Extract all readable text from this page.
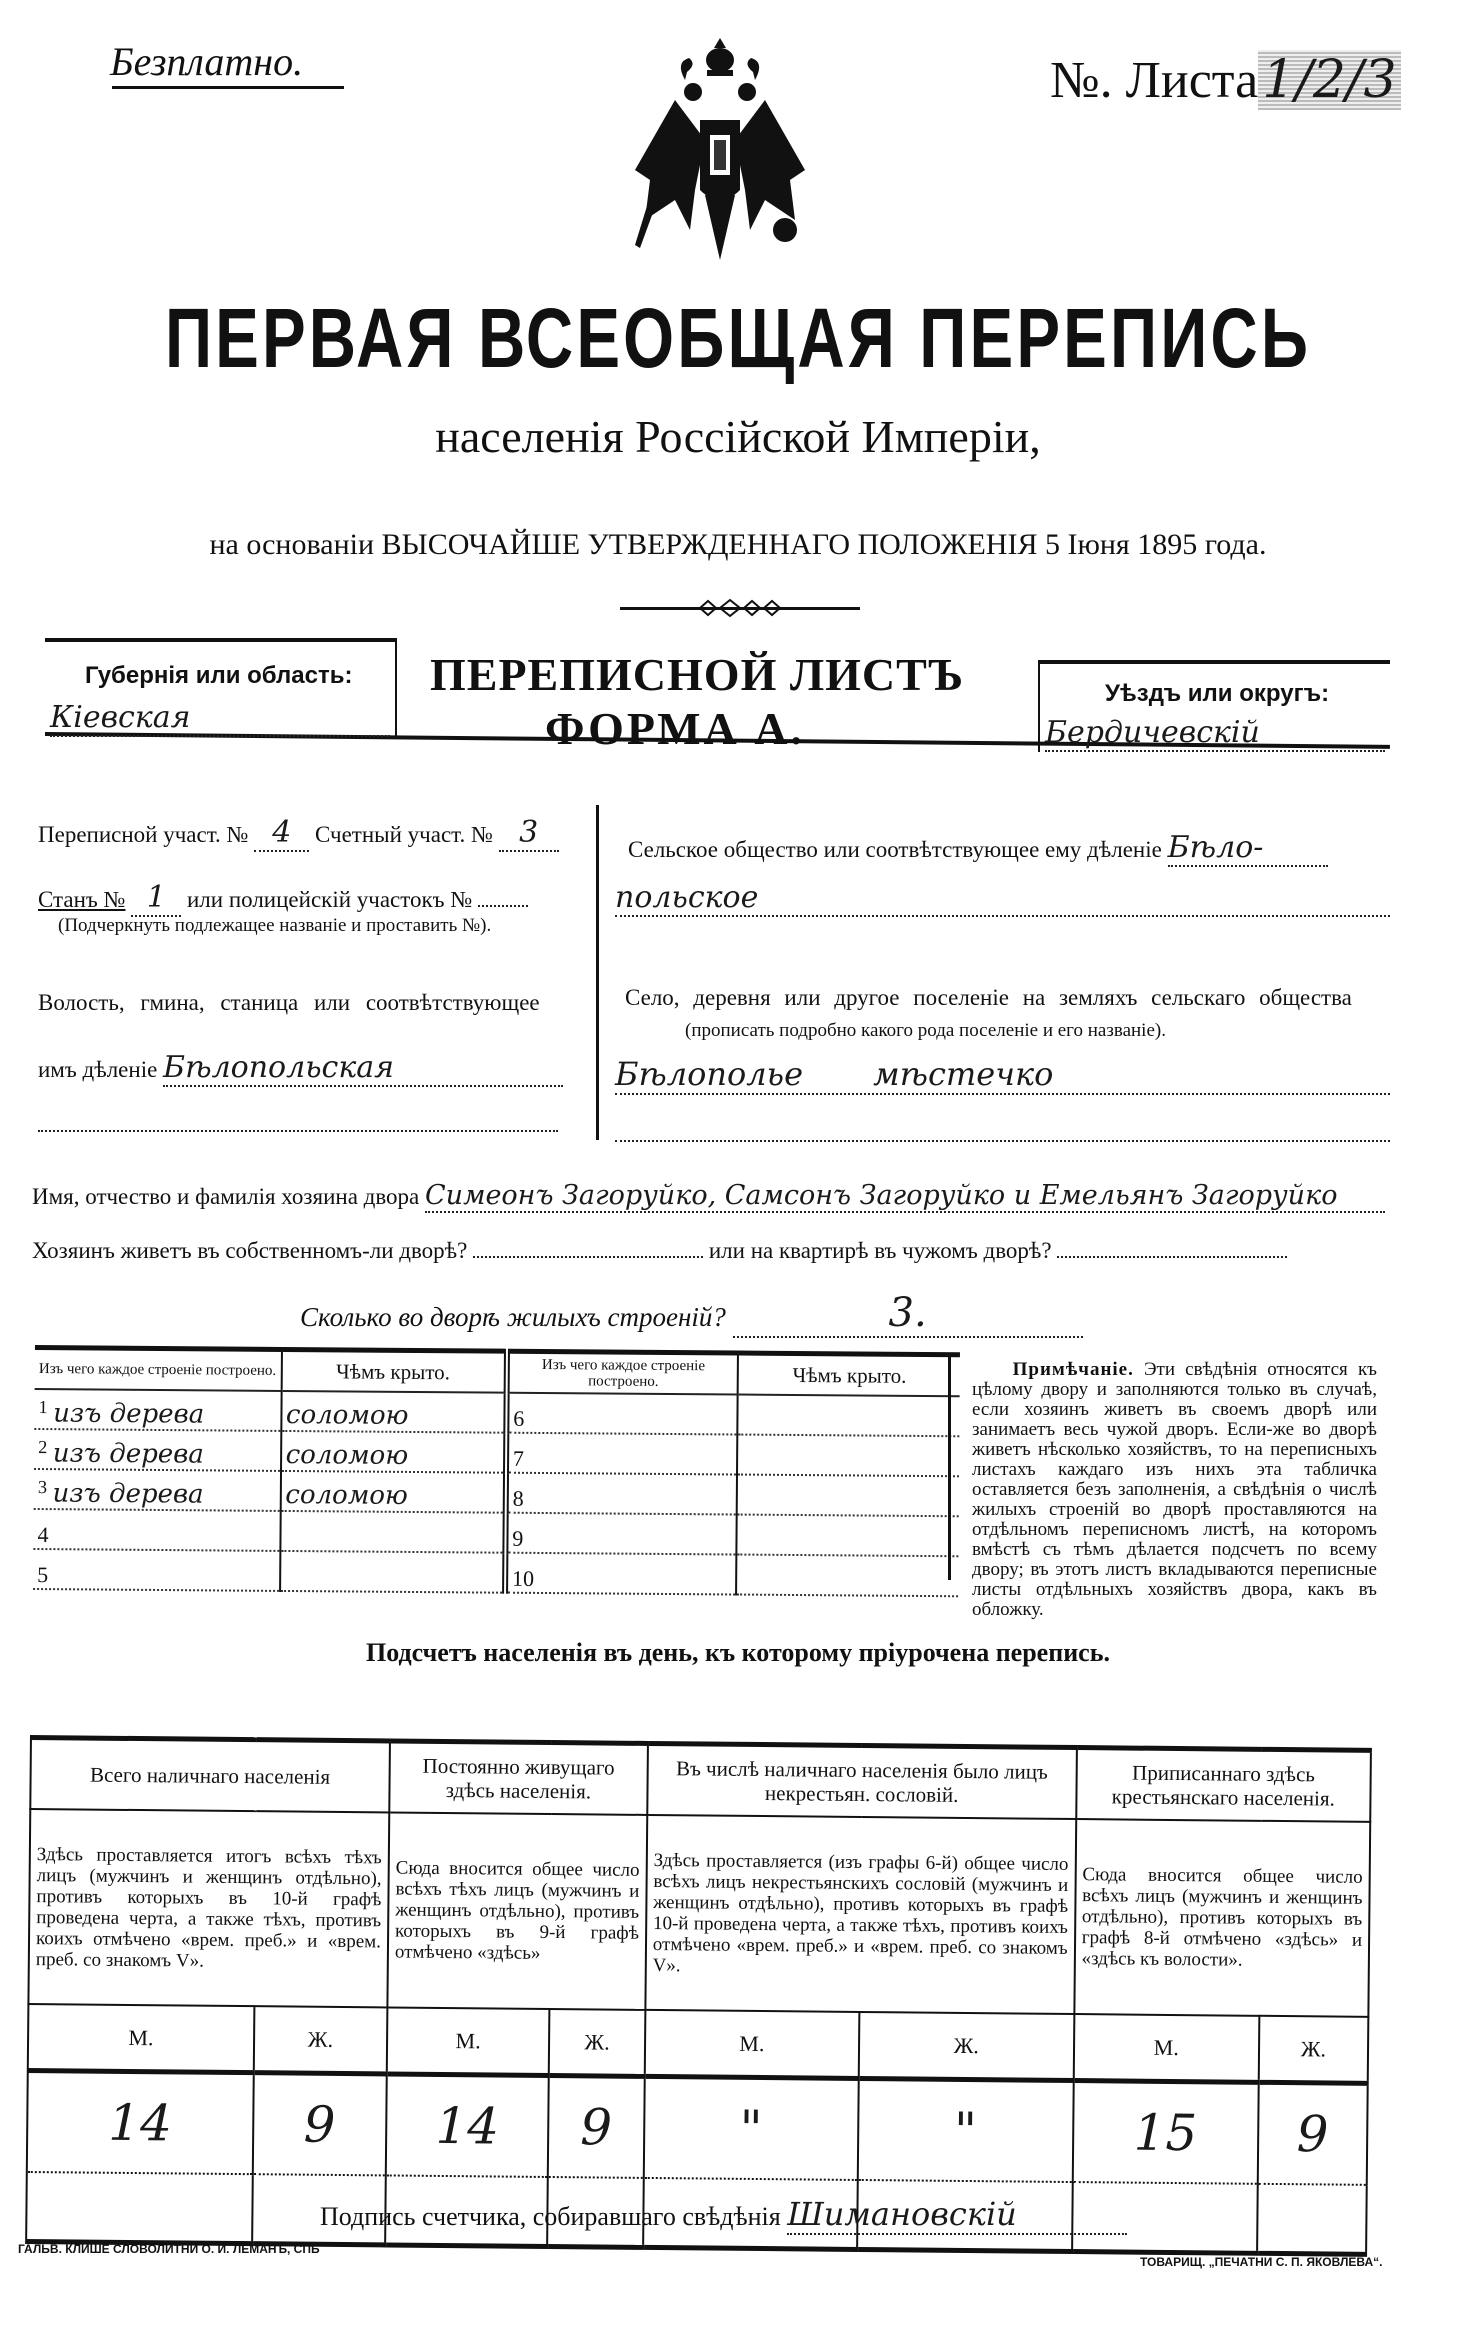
Безплатно.	№. Листа1/2/3
ПЕРВАЯ ВСЕОБЩАЯ ПЕРЕПИСЬ
населенія Россійской Имперіи,
на основаніи ВЫСОЧАЙШЕ УТВЕРЖДЕННАГО ПОЛОЖЕНІЯ 5 Іюня 1895 года.
Губернія или область:
Кіевская
ПЕРЕПИСНОЙ ЛИСТЪ
ФОРМА А.
Уѣздъ или округъ:
Бердичевскій
Переписной участ. № 4 Счетный участ. № 3
Станъ № 1 или полицейскій участокъ №
(Подчеркнуть подлежащее названіе и проставить №).
Волость, гмина, станица или соотвѣтствующее
имъ дѣленіе Бѣлопольская
Сельское общество или соотвѣтствующее ему дѣленіе Бѣло-
польское
Село, деревня или другое поселеніе на земляхъ сельскаго общества
(прописать подробно какого рода поселеніе и его названіе).
Бѣлополье мѣстечко
Имя, отчество и фамилія хозяина двора Симеонъ Загоруйко, Самсонъ Загоруйко и Емельянъ Загоруйко
Хозяинъ живетъ въ собственномъ-ли дворѣ?	или на квартирѣ въ чужомъ дворѣ?
Сколько во дворѣ жилыхъ строеній?	3.
Изъ чего каждое строеніе построено.	Чѣмъ крыто.	Изъ чего каждое строеніе построено.	Чѣмъ крыто.
$^1$ изъ дерева	соломою	6	
$^2$ изъ дерева	соломою	7	
$^3$ изъ дерева	соломою	8	
4		9	
5		10	
Примѣчаніе. Эти свѣдѣнія относятся къ цѣлому двору и заполняются только въ случаѣ, если хозяинъ живетъ въ своемъ дворѣ или занимаетъ весь чужой дворъ. Если-же во дворѣ живетъ нѣсколько хозяйствъ, то на переписныхъ листахъ каждаго изъ нихъ эта табличка оставляется безъ заполненія, а свѣдѣнія о числѣ жилыхъ строеній во дворѣ проставляются на отдѣльномъ переписномъ листѣ, на которомъ вмѣстѣ съ тѣмъ дѣлается подсчетъ по всему двору; въ этотъ листъ вкладываются переписные листы отдѣльныхъ хозяйствъ двора, какъ въ обложку.
Подсчетъ населенія въ день, къ которому пріурочена перепись.
Всего наличнаго населенія		Постоянно живущаго здѣсь населенія.		Въ числѣ наличнаго населенія было лицъ некрестьян. сословій.		Приписаннаго здѣсь крестьянскаго населенія.	
Здѣсь проставляется итогъ всѣхъ тѣхъ лицъ (мужчинъ и женщинъ отдѣльно), противъ которыхъ въ 10-й графѣ проведена черта, а также тѣхъ, противъ коихъ отмѣчено «врем. преб.» и «врем. преб. со знакомъ V».		Сюда вносится общее число всѣхъ тѣхъ лицъ (мужчинъ и женщинъ отдѣльно), противъ которыхъ въ 9-й графѣ отмѣчено «здѣсь»		Здѣсь проставляется (изъ графы 6-й) общее число всѣхъ лицъ некрестьянскихъ сословій (мужчинъ и женщинъ отдѣльно), противъ которыхъ въ графѣ 10-й проведена черта, а также тѣхъ, противъ коихъ отмѣчено «врем. преб.» и «врем. преб. со знакомъ V».		Сюда вносится общее число всѣхъ лицъ (мужчинъ и женщинъ отдѣльно), противъ которыхъ въ графѣ 8-й отмѣчено «здѣсь» и «здѣсь къ волости».	
М.	Ж.	М.	Ж.	М.	Ж.	М.	Ж.
14	9	14	9	"	"	15	9

Подпись счетчика, собиравшаго свѣдѣнія Шимановскій
ГАЛЬВ. КЛИШЕ СЛОВОЛИТНИ О. И. ЛЕМАНЪ, СПБ
ТОВАРИЩ. „ПЕЧАТНИ С. П. ЯКОВЛЕВА“.
